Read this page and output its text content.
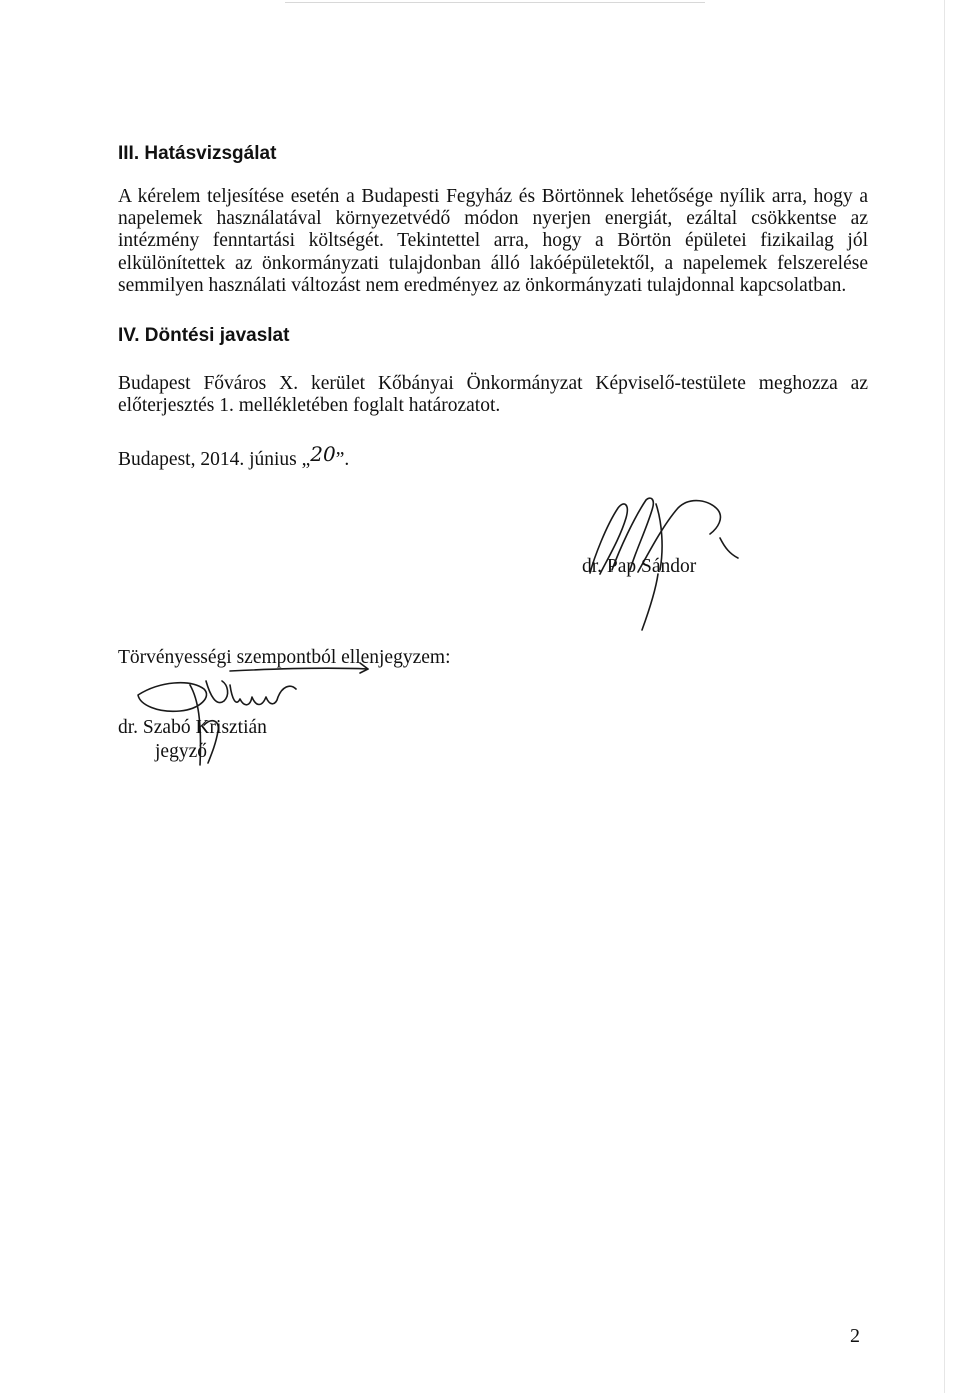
III. Hatásvizsgálat

A kérelem teljesítése esetén a Budapesti Fegyház és Börtönnek lehetősége nyílik arra, hogy a napelemek használatával környezetvédő módon nyerjen energiát, ezáltal csökkentse az intézmény fenntartási költségét. Tekintettel arra, hogy a Börtön épületei fizikailag jól elkülönítettek az önkormányzati tulajdonban álló lakóépületektől, a napelemek felszerelése semmilyen használati változást nem eredményez az önkormányzati tulajdonnal kapcsolatban.

IV. Döntési javaslat

Budapest Főváros X. kerület Kőbányai Önkormányzat Képviselő-testülete meghozza az előterjesztés 1. mellékletében foglalt határozatot.

Budapest, 2014. június „20”.

dr. Pap Sándor

Törvényességi szempontból ellenjegyzem:

dr. Szabó Krisztián

jegyző

2
